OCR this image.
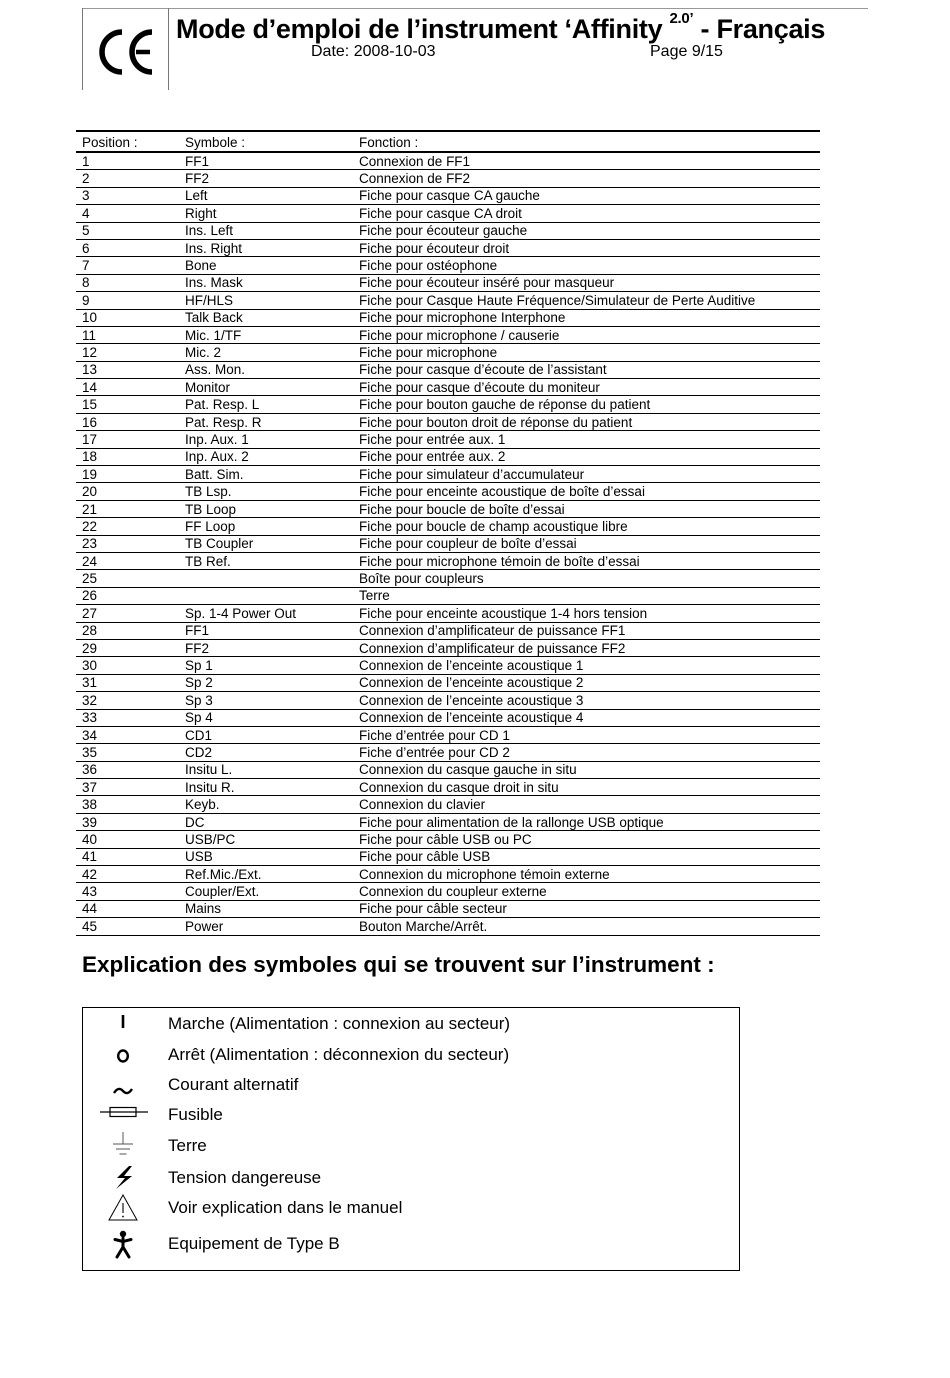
Mode d’emploi de l’instrument ‘Affinity $^{2.0’}$ - Français
Date: 2008-10-03	Page 9/15
Position :	Symbole :	Fonction :
1	FF1	Connexion de FF1
2	FF2	Connexion de FF2
3	Left	Fiche pour casque CA gauche
4	Right	Fiche pour casque CA droit
5	Ins. Left	Fiche pour écouteur gauche
6	Ins. Right	Fiche pour écouteur droit
7	Bone	Fiche pour ostéophone
8	Ins. Mask	Fiche pour écouteur inséré pour masqueur
9	HF/HLS	Fiche pour Casque Haute Fréquence/Simulateur de Perte Auditive
10	Talk Back	Fiche pour microphone Interphone
11	Mic. 1/TF	Fiche pour microphone / causerie
12	Mic. 2	Fiche pour microphone
13	Ass. Mon.	Fiche pour casque d’écoute de l’assistant
14	Monitor	Fiche pour casque d’écoute du moniteur
15	Pat. Resp. L	Fiche pour bouton gauche de réponse du patient
16	Pat. Resp. R	Fiche pour bouton droit de réponse du patient
17	Inp. Aux. 1	Fiche pour entrée aux. 1
18	Inp. Aux. 2	Fiche pour entrée aux. 2
19	Batt. Sim.	Fiche pour simulateur d’accumulateur
20	TB Lsp.	Fiche pour enceinte acoustique de boîte d’essai
21	TB Loop	Fiche pour boucle de boîte d’essai
22	FF Loop	Fiche pour boucle de champ acoustique libre
23	TB Coupler	Fiche pour coupleur de boîte d’essai
24	TB Ref.	Fiche pour microphone témoin de boîte d’essai
25		Boîte pour coupleurs
26		Terre
27	Sp. 1-4 Power Out	Fiche pour enceinte acoustique 1-4 hors tension
28	FF1	Connexion d’amplificateur de puissance FF1
29	FF2	Connexion d’amplificateur de puissance FF2
30	Sp 1	Connexion de l’enceinte acoustique 1
31	Sp 2	Connexion de l’enceinte acoustique 2
32	Sp 3	Connexion de l’enceinte acoustique 3
33	Sp 4	Connexion de l’enceinte acoustique 4
34	CD1	Fiche d’entrée pour CD 1
35	CD2	Fiche d’entrée pour CD 2
36	Insitu L.	Connexion du casque gauche in situ
37	Insitu R.	Connexion du casque droit in situ
38	Keyb.	Connexion du clavier
39	DC	Fiche pour alimentation de la rallonge USB optique
40	USB/PC	Fiche pour câble USB ou PC
41	USB	Fiche pour câble USB
42	Ref.Mic./Ext.	Connexion du microphone témoin externe
43	Coupler/Ext.	Connexion du coupleur externe
44	Mains	Fiche pour câble secteur
45	Power	Bouton Marche/Arrêt.
Explication des symboles qui se trouvent sur l’instrument :
Marche (Alimentation : connexion au secteur)
Arrêt (Alimentation : déconnexion du secteur)
Courant alternatif
Fusible
Terre
Tension dangereuse
Voir explication dans le manuel
Equipement de Type B
